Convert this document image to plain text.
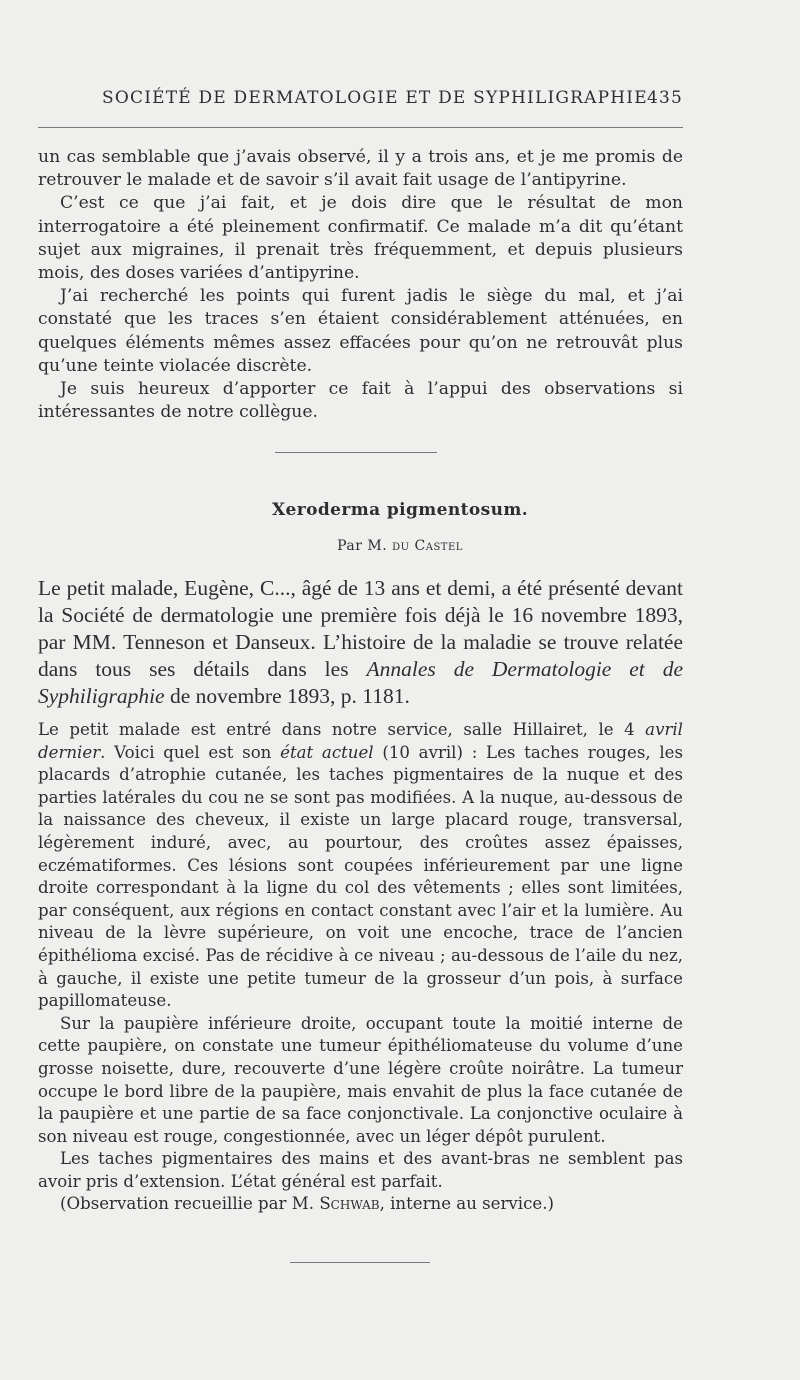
SOCIÉTÉ DE DERMATOLOGIE ET DE SYPHILIGRAPHIE 435

un cas semblable que j’avais observé, il y a trois ans, et je me promis de retrouver le malade et de savoir s’il avait fait usage de l’antipyrine.

C’est ce que j’ai fait, et je dois dire que le résultat de mon interrogatoire a été pleinement confirmatif. Ce malade m’a dit qu’étant sujet aux migraines, il prenait très fréquemment, et depuis plusieurs mois, des doses variées d’antipyrine.

J’ai recherché les points qui furent jadis le siège du mal, et j’ai constaté que les traces s’en étaient considérablement atténuées, en quelques éléments mêmes assez effacées pour qu’on ne retrouvât plus qu’une teinte violacée discrète.

Je suis heureux d’apporter ce fait à l’appui des observations si intéressantes de notre collègue.

Xeroderma pigmentosum.
Par M. du Castel

Le petit malade, Eugène, C..., âgé de 13 ans et demi, a été présenté devant la Société de dermatologie une première fois déjà le 16 novembre 1893, par MM. Tenneson et Danseux. L’histoire de la maladie se trouve relatée dans tous ses détails dans les Annales de Dermatologie et de Syphiligraphie de novembre 1893, p. 1181.

Le petit malade est entré dans notre service, salle Hillairet, le 4 avril dernier. Voici quel est son état actuel (10 avril) : Les taches rouges, les placards d’atrophie cutanée, les taches pigmentaires de la nuque et des parties latérales du cou ne se sont pas modifiées. A la nuque, au-dessous de la naissance des cheveux, il existe un large placard rouge, transversal, légèrement induré, avec, au pourtour, des croûtes assez épaisses, eczématiformes. Ces lésions sont coupées inférieurement par une ligne droite correspondant à la ligne du col des vêtements ; elles sont limitées, par conséquent, aux régions en contact constant avec l’air et la lumière. Au niveau de la lèvre supérieure, on voit une encoche, trace de l’ancien épithélioma excisé. Pas de récidive à ce niveau ; au-dessous de l’aile du nez, à gauche, il existe une petite tumeur de la grosseur d’un pois, à surface papillomateuse.

Sur la paupière inférieure droite, occupant toute la moitié interne de cette paupière, on constate une tumeur épithéliomateuse du volume d’une grosse noisette, dure, recouverte d’une légère croûte noirâtre. La tumeur occupe le bord libre de la paupière, mais envahit de plus la face cutanée de la paupière et une partie de sa face conjonctivale. La conjonctive oculaire à son niveau est rouge, congestionnée, avec un léger dépôt purulent.

Les taches pigmentaires des mains et des avant-bras ne semblent pas avoir pris d’extension. L’état général est parfait.

(Observation recueillie par M. Schwab, interne au service.)
